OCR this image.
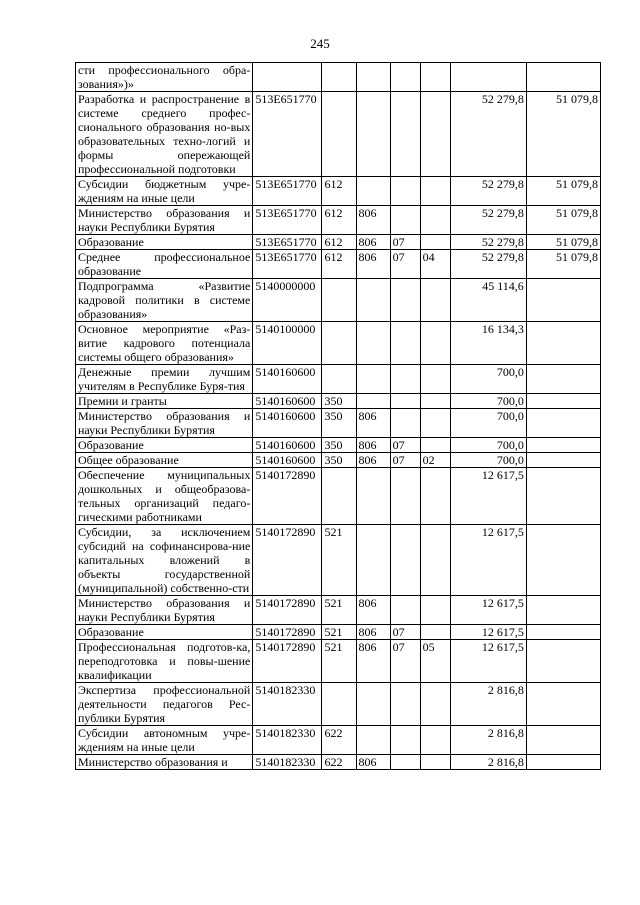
245
сти профессионального обра-зования»)»							
Разработка и распространение в системе среднего профес-сионального образования но-вых образовательных техно-логий и формы опережающей профессиональной подготовки	513Е651770					52 279,8	51 079,8
Субсидии бюджетным учре-ждениям на иные цели	513Е651770	612				52 279,8	51 079,8
Министерство образования и науки Республики Бурятия	513Е651770	612	806			52 279,8	51 079,8
Образование	513Е651770	612	806	07		52 279,8	51 079,8
Среднее профессиональное образование	513Е651770	612	806	07	04	52 279,8	51 079,8
Подпрограмма «Развитие кадровой политики в системе образования»	5140000000					45 114,6	
Основное мероприятие «Раз-витие кадрового потенциала системы общего образования»	5140100000					16 134,3	
Денежные премии лучшим учителям в Республике Буря-тия	5140160600					700,0	
Премии и гранты	5140160600	350				700,0	
Министерство образования и науки Республики Бурятия	5140160600	350	806			700,0	
Образование	5140160600	350	806	07		700,0	
Общее образование	5140160600	350	806	07	02	700,0	
Обеспечение муниципальных дошкольных и общеобразова-тельных организаций педаго-гическими работниками	5140172890					12 617,5	
Субсидии, за исключением субсидий на софинансирова-ние капитальных вложений в объекты государственной (муниципальной) собственно-сти	5140172890	521				12 617,5	
Министерство образования и науки Республики Бурятия	5140172890	521	806			12 617,5	
Образование	5140172890	521	806	07		12 617,5	
Профессиональная подготов-ка, переподготовка и повы-шение квалификации	5140172890	521	806	07	05	12 617,5	
Экспертиза профессиональной деятельности педагогов Рес-публики Бурятия	5140182330					2 816,8	
Субсидии автономным учре-ждениям на иные цели	5140182330	622				2 816,8	
Министерство образования и	5140182330	622	806			2 816,8	
